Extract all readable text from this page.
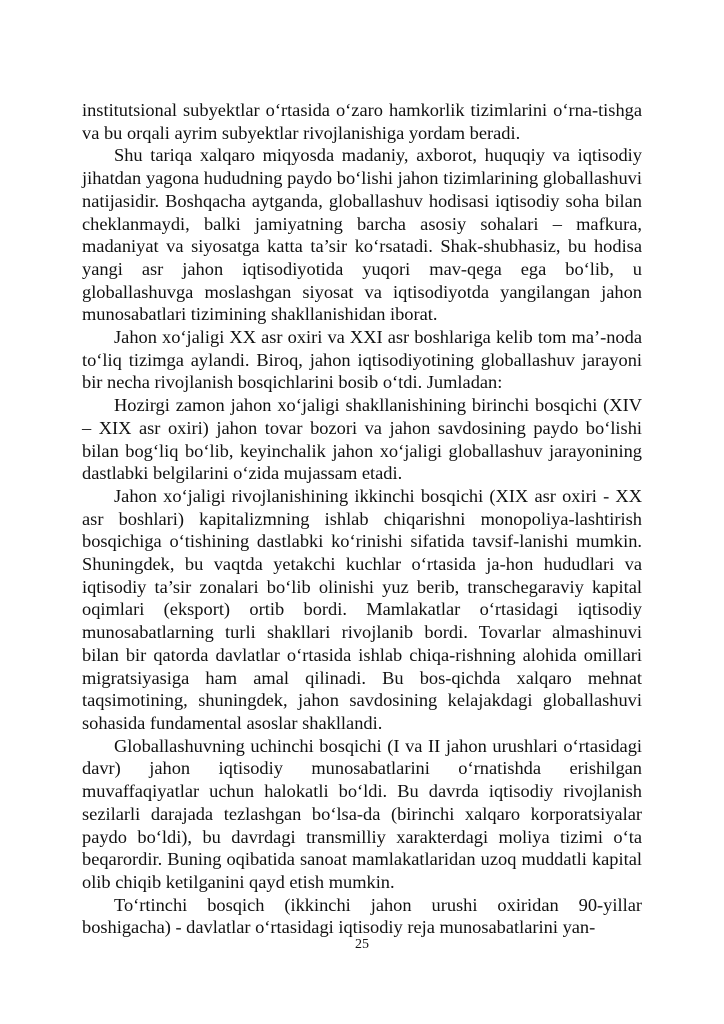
institutsional subyektlar o‘rtasida o‘zaro hamkorlik tizimlarini o‘rna-tishga va bu orqali ayrim subyektlar rivojlanishiga yordam beradi.

Shu tariqa xalqaro miqyosda madaniy, axborot, huquqiy va iqtisodiy jihatdan yagona hududning paydo bo‘lishi jahon tizimlarining globallashuvi natijasidir. Boshqacha aytganda, globallashuv hodisasi iqtisodiy soha bilan cheklanmaydi, balki jamiyatning barcha asosiy sohalari – mafkura, madaniyat va siyosatga katta ta’sir ko‘rsatadi. Shak-shubhasiz, bu hodisa yangi asr jahon iqtisodiyotida yuqori mav-qega ega bo‘lib, u globallashuvga moslashgan siyosat va iqtisodiyotda yangilangan jahon munosabatlari tizimining shakllanishidan iborat.

Jahon xo‘jaligi XX asr oxiri va XXI asr boshlariga kelib tom ma’-noda to‘liq tizimga aylandi. Biroq, jahon iqtisodiyotining globallashuv jarayoni bir necha rivojlanish bosqichlarini bosib o‘tdi. Jumladan:

Hozirgi zamon jahon xo‘jaligi shakllanishining birinchi bosqichi (XIV – XIX asr oxiri) jahon tovar bozori va jahon savdosining paydo bo‘lishi bilan bog‘liq bo‘lib, keyinchalik jahon xo‘jaligi globallashuv jarayonining dastlabki belgilarini o‘zida mujassam etadi.

Jahon xo‘jaligi rivojlanishining ikkinchi bosqichi (XIX asr oxiri - XX asr boshlari) kapitalizmning ishlab chiqarishni monopoliya-lashtirish bosqichiga o‘tishining dastlabki ko‘rinishi sifatida tavsif-lanishi mumkin. Shuningdek, bu vaqtda yetakchi kuchlar o‘rtasida ja-hon hududlari va iqtisodiy ta’sir zonalari bo‘lib olinishi yuz berib, transchegaraviy kapital oqimlari (eksport) ortib bordi. Mamlakatlar o‘rtasidagi iqtisodiy munosabatlarning turli shakllari rivojlanib bordi. Tovarlar almashinuvi bilan bir qatorda davlatlar o‘rtasida ishlab chiqa-rishning alohida omillari migratsiyasiga ham amal qilinadi. Bu bos-qichda xalqaro mehnat taqsimotining, shuningdek, jahon savdosining kelajakdagi globallashuvi sohasida fundamental asoslar shakllandi.

Globallashuvning uchinchi bosqichi (I va II jahon urushlari o‘rtasidagi davr) jahon iqtisodiy munosabatlarini o‘rnatishda erishilgan muvaffaqiyatlar uchun halokatli bo‘ldi. Bu davrda iqtisodiy rivojlanish sezilarli darajada tezlashgan bo‘lsa-da (birinchi xalqaro korporatsiyalar paydo bo‘ldi), bu davrdagi transmilliy xarakterdagi moliya tizimi o‘ta beqarordir. Buning oqibatida sanoat mamlakatlaridan uzoq muddatli kapital olib chiqib ketilganini qayd etish mumkin.

To‘rtinchi bosqich (ikkinchi jahon urushi oxiridan 90-yillar boshigacha) - davlatlar o‘rtasidagi iqtisodiy reja munosabatlarini yan-

25
